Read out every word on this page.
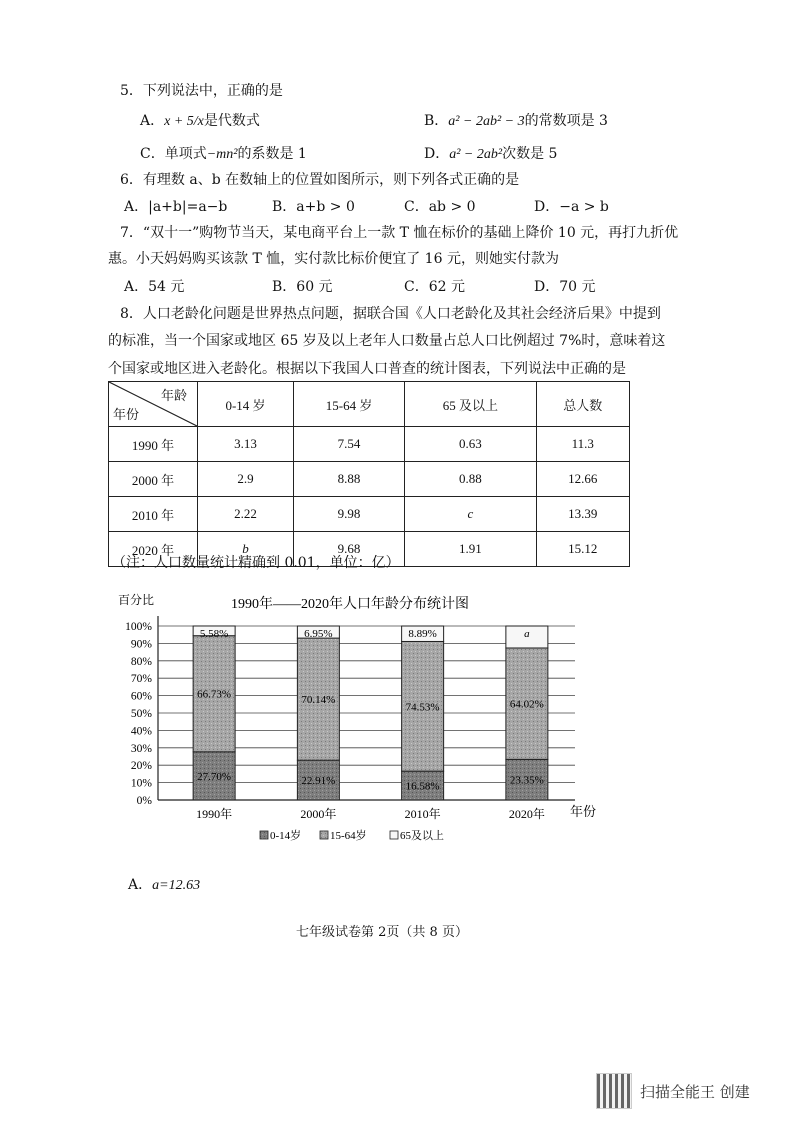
5．下列说法中，正确的是
A．x + 5/x是代数式	B．a² − 2ab² − 3的常数项是 3
C．单项式−mn²的系数是 1	D．a² − 2ab²次数是 5
6．有理数 a、b 在数轴上的位置如图所示，则下列各式正确的是
A．|a+b|=a−b	B．a+b > 0	C．ab > 0	D．−a > b
7．“双十一”购物节当天，某电商平台上一款 T 恤在标价的基础上降价 10 元，再打九折优
惠。小天妈妈购买该款 T 恤，实付款比标价便宜了 16 元，则她实付款为
A．54 元	B．60 元	C．62 元	D．70 元
8．人口老龄化问题是世界热点问题，据联合国《人口老龄化及其社会经济后果》中提到
的标准，当一个国家或地区 65 岁及以上老年人口数量占总人口比例超过 7%时，意味着这
个国家或地区进入老龄化。根据以下我国人口普查的统计图表，下列说法中正确的是
年龄
年份	0-14 岁	15-64 岁	65 及以上	总人数
1990 年	3.13	7.54	0.63	11.3
2000 年	2.9	8.88	0.88	12.66
2010 年	2.22	9.98	c	13.39
2020 年	b	9.68	1.91	15.12
（注：人口数量统计精确到 0.01，单位：亿）
1990年——2020年人口年龄分布统计图
百分比
年份
0%
10%
20%
30%
40%
50%
60%
70%
80%
90%
100%
27.70%
66.73%
5.58%
22.91%
70.14%
6.95%
16.58%
74.53%
8.89%
23.35%
64.02%
a
1990年	2000年	2010年	2020年
0-14岁	15-64岁	65及以上
A．a=12.63
七年级试卷第 2页（共 8 页）
扫描全能王 创建
